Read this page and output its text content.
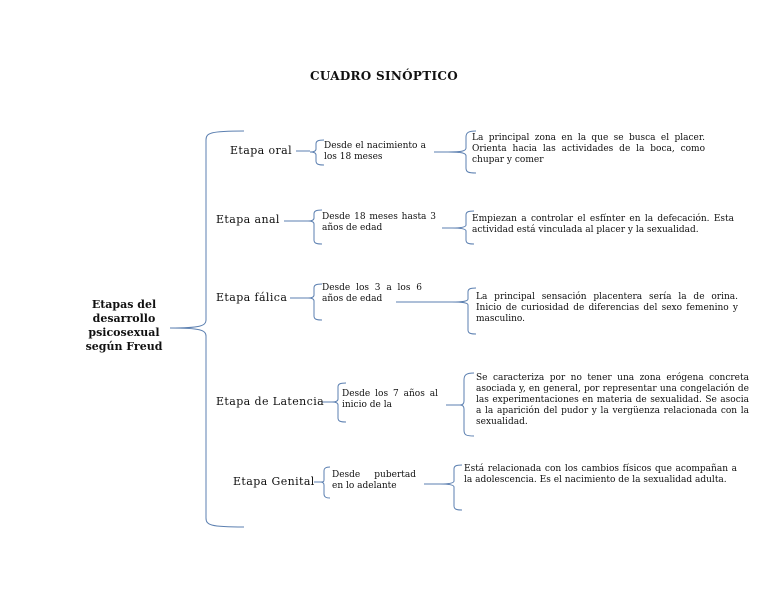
CUADRO SINÓPTICO
Etapas del desarrollo psicosexual según Freud
Etapa oral
Etapa anal
Etapa fálica
Etapa de Latencia
Etapa Genital
Desde el nacimiento a los 18 meses
Desde 18 meses hasta 3 años de edad
Desde los 3 a los 6 años de edad
Desde los 7 años al inicio de la
Desde pubertad en lo adelante
La principal zona en la que se busca el placer. Orienta hacia las actividades de la boca, como chupar y comer
Empiezan a controlar el esfínter en la defecación. Esta actividad está vinculada al placer y la sexualidad.
La principal sensación placentera sería la de orina. Inicio de curiosidad de diferencias del sexo femenino y masculino.
Se caracteriza por no tener una zona erógena concreta asociada y, en general, por representar una congelación de las experimentaciones en materia de sexualidad. Se asocia a la aparición del pudor y la vergüenza relacionada con la sexualidad.
Está relacionada con los cambios físicos que acompañan a la adolescencia. Es el nacimiento de la sexualidad adulta.
